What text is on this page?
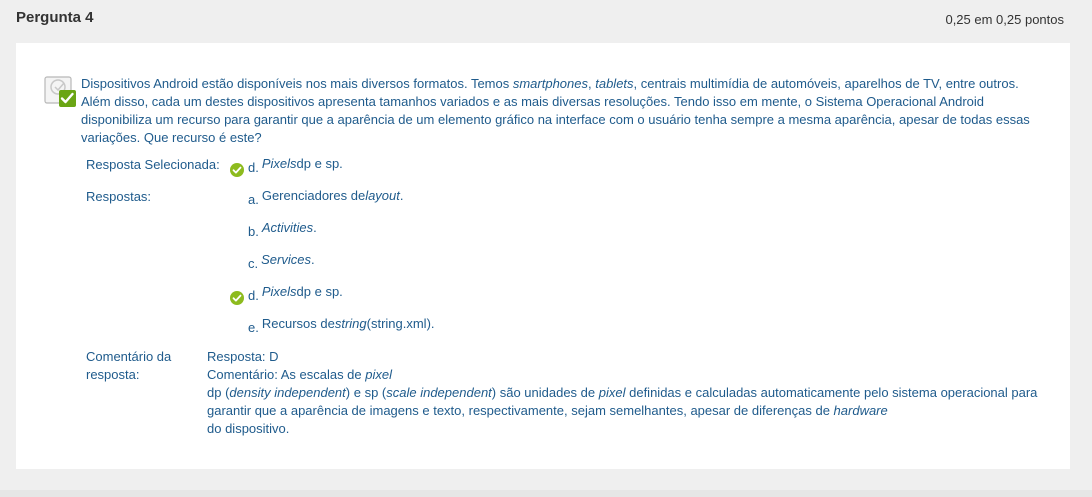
Pergunta 4	0,25 em 0,25 pontos
Dispositivos Android estão disponíveis nos mais diversos formatos. Temos smartphones, tablets, centrais multimídia de automóveis, aparelhos de TV, entre outros. Além disso, cada um destes dispositivos apresenta tamanhos variados e as mais diversas resoluções. Tendo isso em mente, o Sistema Operacional Android disponibiliza um recurso para garantir que a aparência de um elemento gráfico na interface com o usuário tenha sempre a mesma aparência, apesar de todas essas variações. Que recurso é este?
Resposta Selecionada: d. Pixels dp e sp.
Respostas:	a. Gerenciadores de layout .
b. Activities .
c. Services .
d. Pixels dp e sp.
e. Recursos de string (string.xml).
Comentário da resposta:
Resposta: D
Comentário: As escalas de pixel
dp (density independent) e sp (scale independent) são unidades de pixel definidas e calculadas automaticamente pelo sistema operacional para garantir que a aparência de imagens e texto, respectivamente, sejam semelhantes, apesar de diferenças de hardware
do dispositivo.
